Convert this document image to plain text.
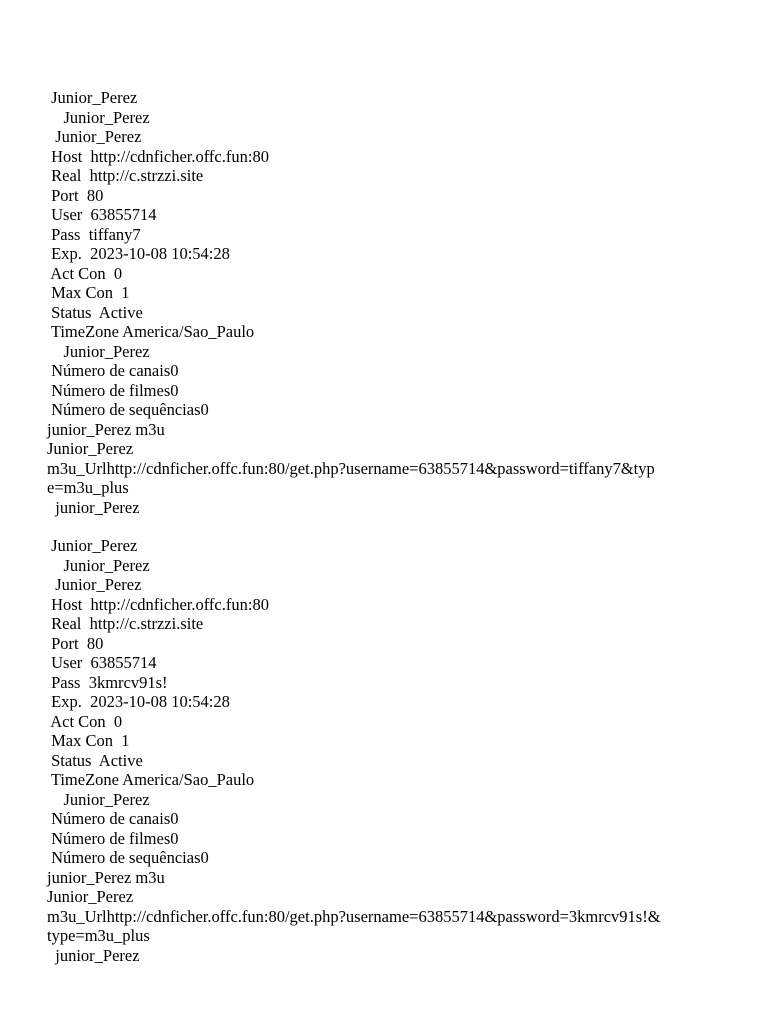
Junior_Perez

Junior_Perez

Junior_Perez

Host  http://cdnficher.offc.fun:80

Real  http://c.strzzi.site

Port  80

User  63855714

Pass  tiffany7

Exp.  2023-10-08 10:54:28

Act Con  0

Max Con  1

Status  Active

TimeZone America/Sao_Paulo

Junior_Perez

Número de canais0

Número de filmes0

Número de sequências0

junior_Perez m3u

Junior_Perez

m3u_Urlhttp://cdnficher.offc.fun:80/get.php?username=63855714&password=tiffany7&typ

e=m3u_plus

junior_Perez

Junior_Perez

Junior_Perez

Junior_Perez

Host  http://cdnficher.offc.fun:80

Real  http://c.strzzi.site

Port  80

User  63855714

Pass  3kmrcv91s!

Exp.  2023-10-08 10:54:28

Act Con  0

Max Con  1

Status  Active

TimeZone America/Sao_Paulo

Junior_Perez

Número de canais0

Número de filmes0

Número de sequências0

junior_Perez m3u

Junior_Perez

m3u_Urlhttp://cdnficher.offc.fun:80/get.php?username=63855714&password=3kmrcv91s!&

type=m3u_plus

junior_Perez
